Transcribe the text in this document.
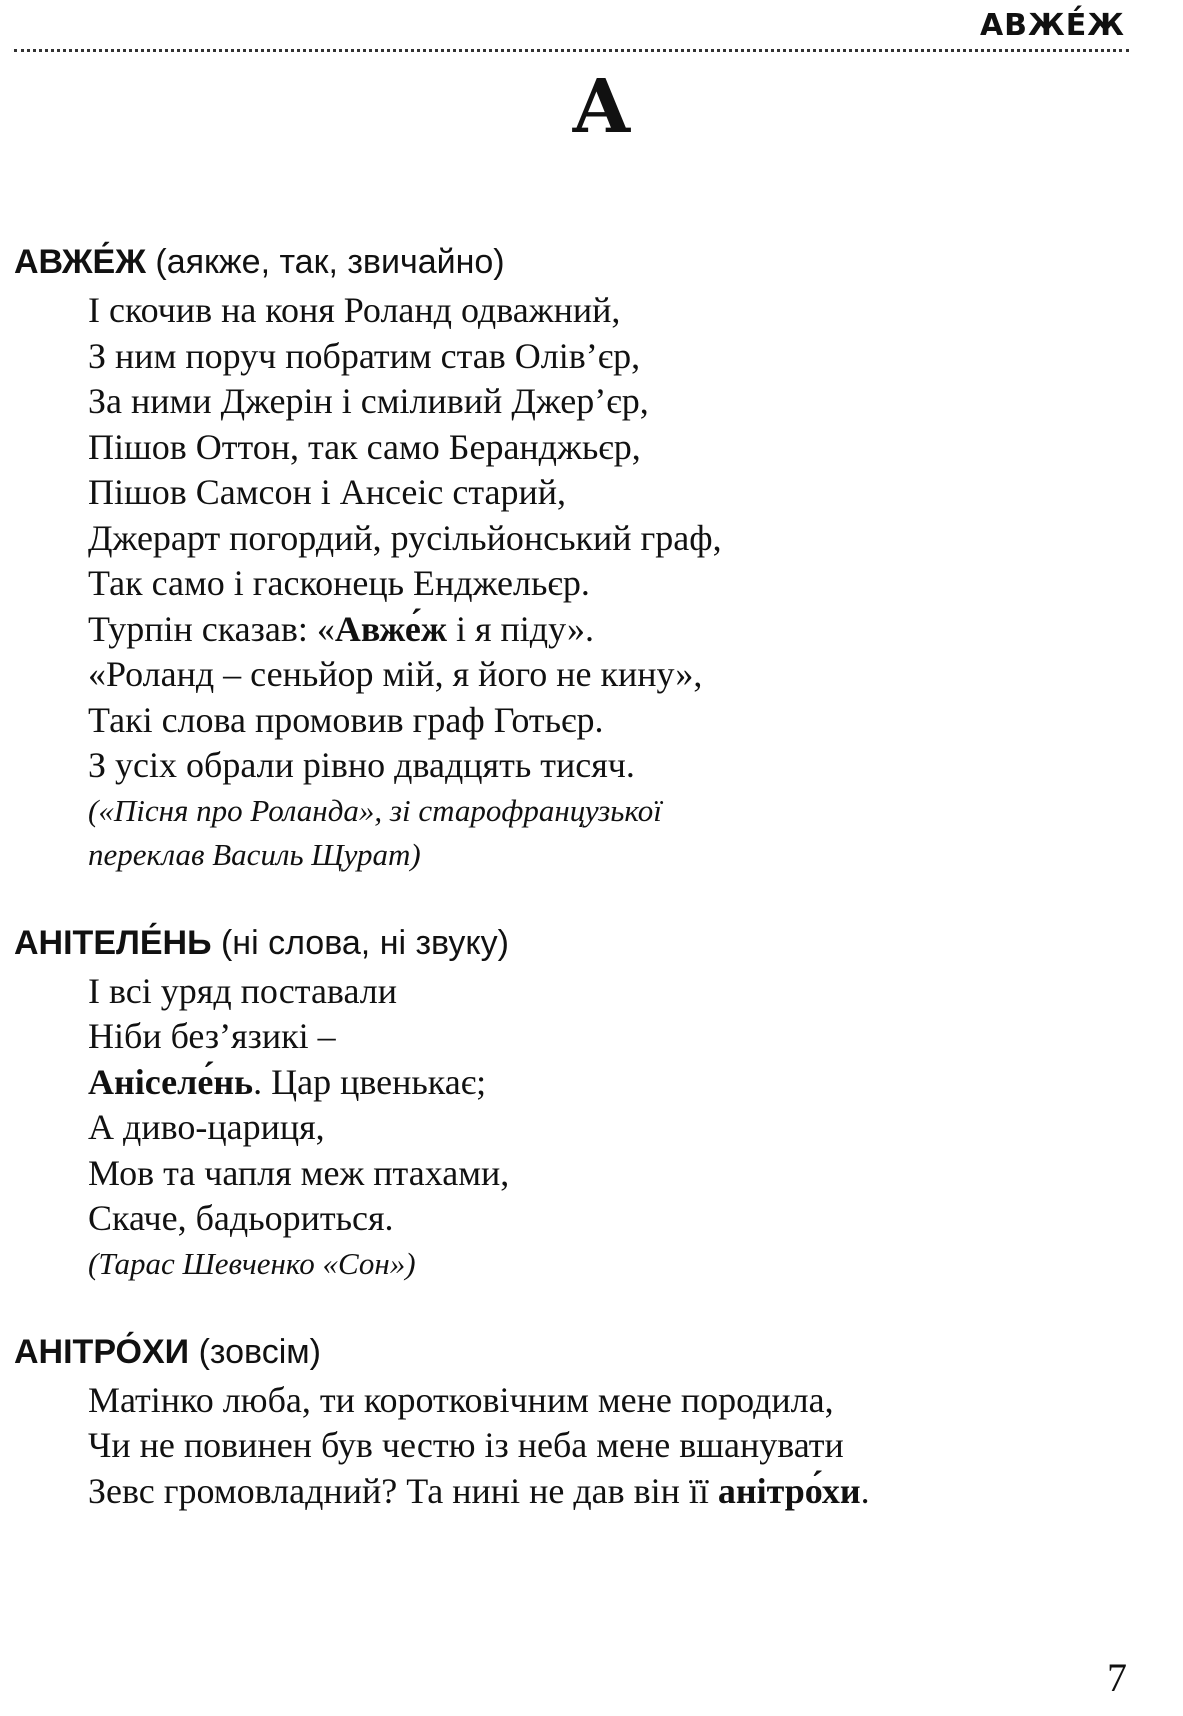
АВЖЕ́Ж
А
АВЖЕ́Ж (аякже, так, звичайно)
І скочив на коня Роланд одважний,
З ним поруч побратим став Олів’єр,
За ними Джерін і сміливий Джер’єр,
Пішов Оттон, так само Беранджьєр,
Пішов Самсон і Ансеіс старий,
Джерарт погордий, русільйонський граф,
Так само і гасконець Енджельєр.
Турпін сказав: «Авже́ж і я піду».
«Роланд – сеньйор мій, я його не кину»,
Такі слова промовив граф Готьєр.
З усіх обрали рівно двадцять тисяч.
(«Пісня про Роланда», зі старофранцузької
переклав Василь Щурат)
АНІТЕЛЕ́НЬ (ні слова, ні звуку)
І всі уряд поставали
Ніби без’язикі –
Аніселе́нь. Цар цвенькає;
А диво-цариця,
Мов та чапля меж птахами,
Скаче, бадьориться.
(Тарас Шевченко «Сон»)
АНІТРО́ХИ (зовсім)
Матінко люба, ти коротковічним мене породила,
Чи не повинен був честю із неба мене вшанувати
Зевс громовладний? Та нині не дав він її анітро́хи.
7
